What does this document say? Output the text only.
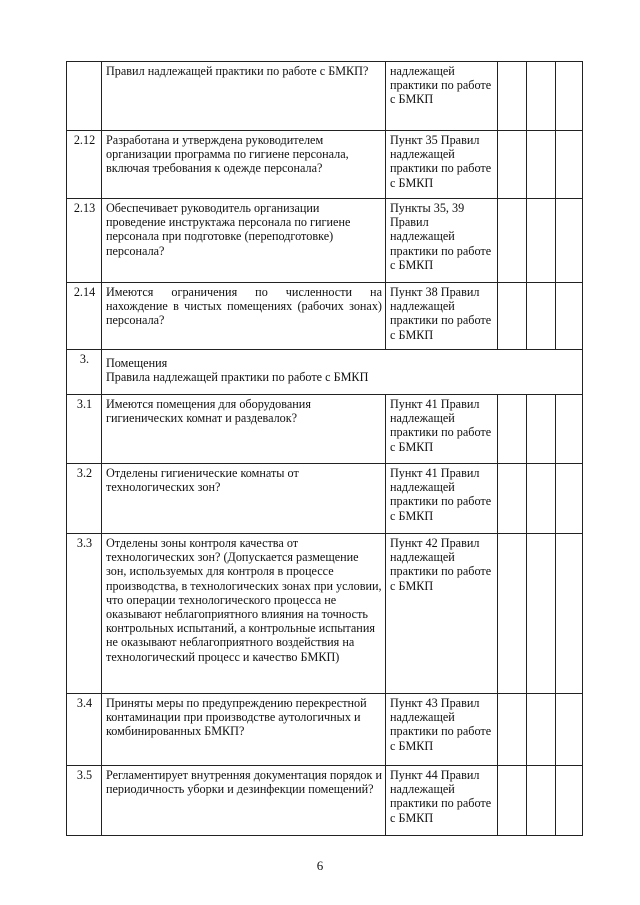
	Правил надлежащей практики по работе с БМКП?	надлежащей практики по работе с БМКП			
2.12	Разработана и утверждена руководителем организации программа по гигиене персонала, включая требования к одежде персонала?	Пункт 35 Правил надлежащей практики по работе с БМКП			
2.13	Обеспечивает руководитель организации проведение инструктажа персонала по гигиене персонала при подготовке (переподготовке) персонала?	Пункты 35, 39 Правил надлежащей практики по работе с БМКП			
2.14	Имеются ограничения по численности на нахождение в чистых помещениях (рабочих зонах) персонала?	Пункт 38 Правил надлежащей практики по работе с БМКП			
3.	Помещения
Правила надлежащей практики по работе с БМКП				

3.1	Имеются помещения для оборудования гигиенических комнат и раздевалок?	Пункт 41 Правил надлежащей практики по работе с БМКП			
3.2	Отделены гигиенические комнаты от технологических зон?	Пункт 41 Правил надлежащей практики по работе с БМКП			
3.3	Отделены зоны контроля качества от технологических зон? (Допускается размещение зон, используемых для контроля в процессе производства, в технологических зонах при условии, что операции технологического процесса не оказывают неблагоприятного влияния на точность контрольных испытаний, а контрольные испытания не оказывают неблагоприятного воздействия на технологический процесс и качество БМКП)	Пункт 42 Правил надлежащей практики по работе с БМКП			
3.4	Приняты меры по предупреждению перекрестной контаминации при производстве аутологичных и комбинированных БМКП?	Пункт 43 Правил надлежащей практики по работе с БМКП			
3.5	Регламентирует внутренняя документация порядок и периодичность уборки и дезинфекции помещений?	Пункт 44 Правил надлежащей практики по работе с БМКП			
6
